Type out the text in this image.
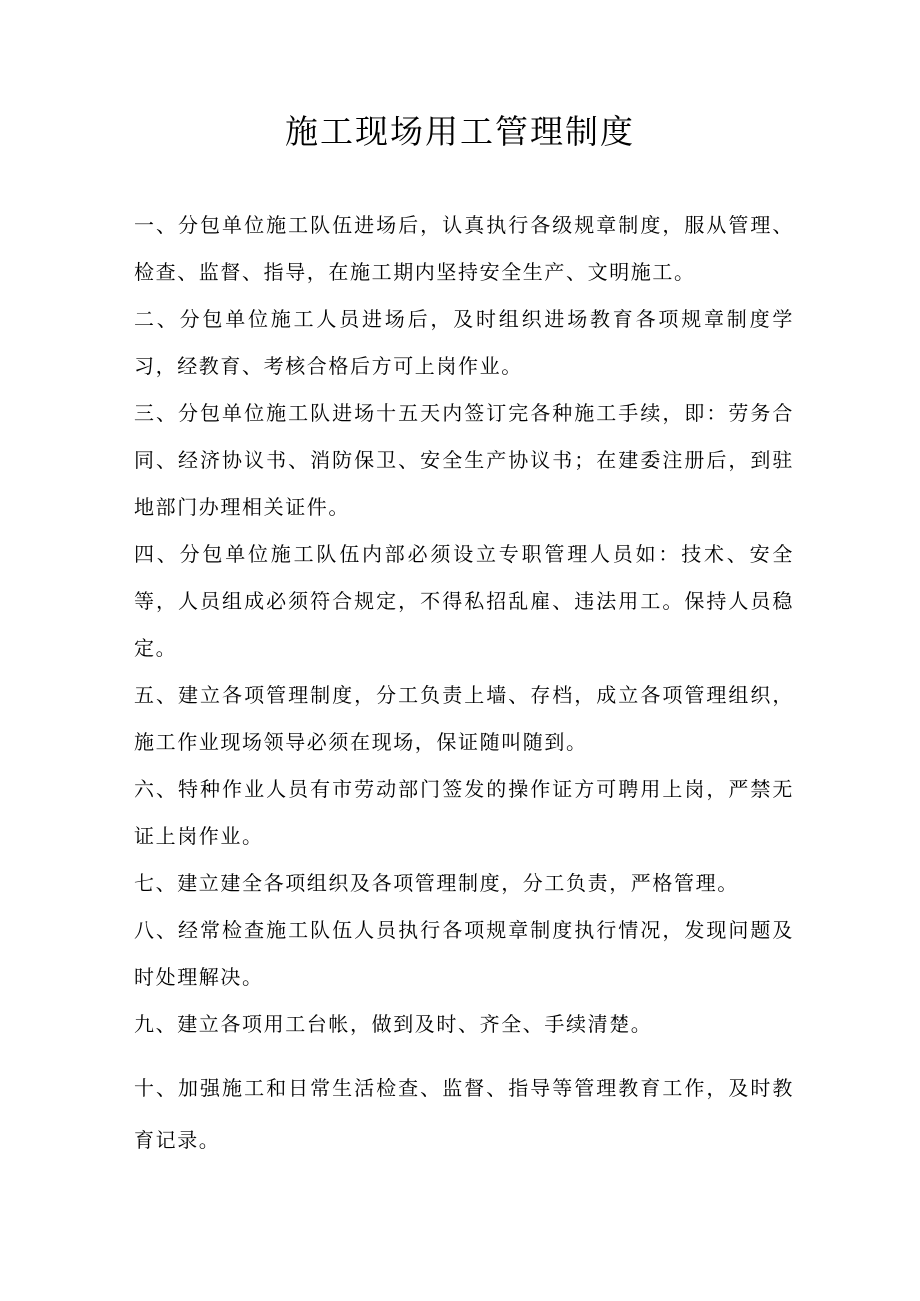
施工现场用工管理制度

一、分包单位施工队伍进场后，认真执行各级规章制度，服从管理、检查、监督、指导，在施工期内坚持安全生产、文明施工。

二、分包单位施工人员进场后，及时组织进场教育各项规章制度学习，经教育、考核合格后方可上岗作业。

三、分包单位施工队进场十五天内签订完各种施工手续，即：劳务合同、经济协议书、消防保卫、安全生产协议书；在建委注册后，到驻地部门办理相关证件。

四、分包单位施工队伍内部必须设立专职管理人员如：技术、安全等，人员组成必须符合规定，不得私招乱雇、违法用工。保持人员稳定。

五、建立各项管理制度，分工负责上墙、存档，成立各项管理组织，施工作业现场领导必须在现场，保证随叫随到。

六、特种作业人员有市劳动部门签发的操作证方可聘用上岗，严禁无证上岗作业。

七、建立建全各项组织及各项管理制度，分工负责，严格管理。

八、经常检查施工队伍人员执行各项规章制度执行情况，发现问题及时处理解决。

九、建立各项用工台帐，做到及时、齐全、手续清楚。

十、加强施工和日常生活检查、监督、指导等管理教育工作，及时教育记录。
